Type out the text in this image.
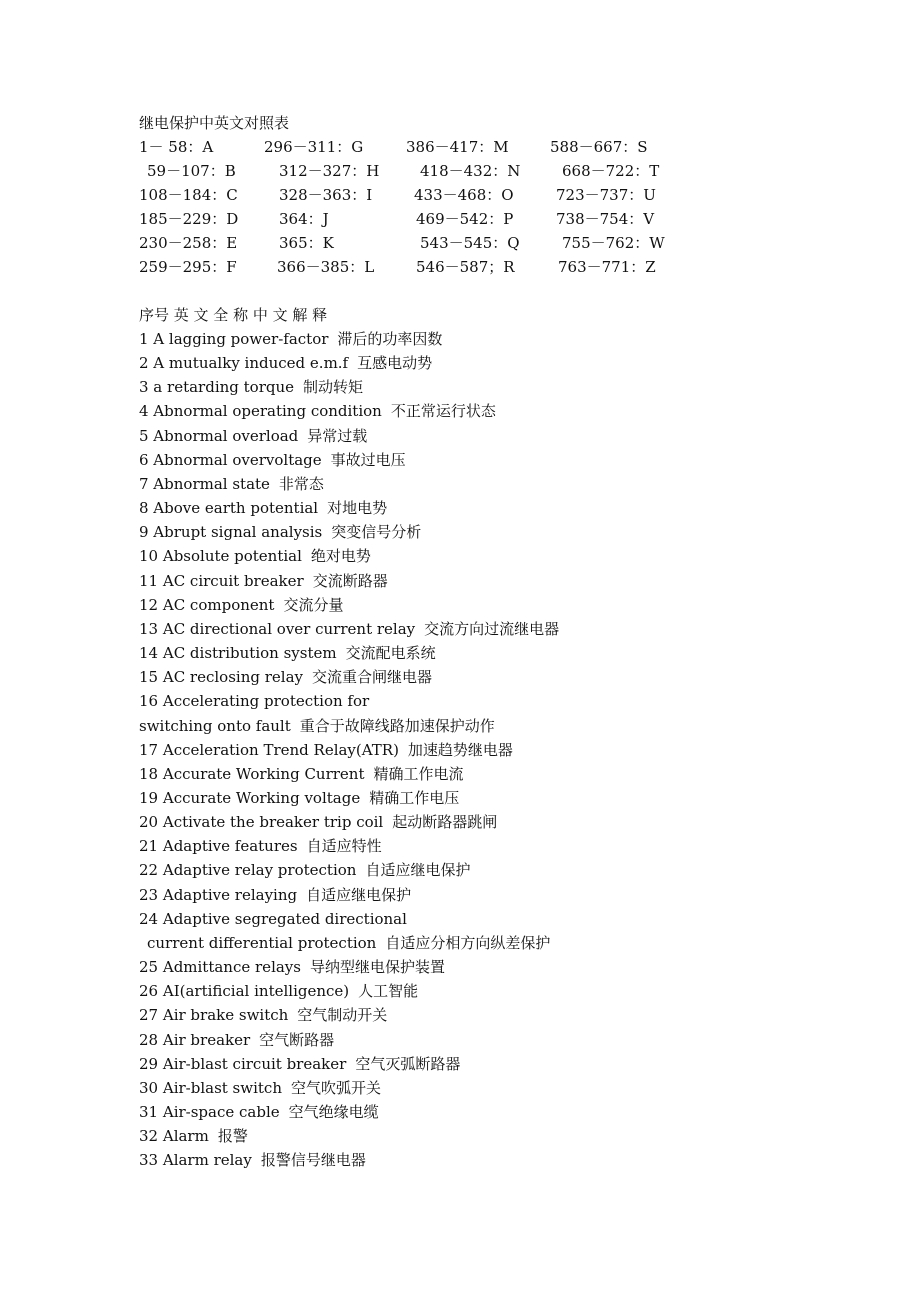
继电保护中英文对照表
1－ 58：A	296－311：G	386－417：M	588－667：S
59－107：B	312－327：H	418－432：N	668－722：T
108－184：C	328－363：I	433－468：O	723－737：U
185－229：D	364：J	469－542：P	738－754：V
230－258：E	365：K	543－545：Q	755－762：W
259－295：F	366－385：L	546－587；R	763－771：Z
序号 英 文 全 称 中 文 解 释
1 A lagging power-factor 滞后的功率因数
2 A mutualky induced e.m.f 互感电动势
3 a retarding torque 制动转矩
4 Abnormal operating condition 不正常运行状态
5 Abnormal overload 异常过载
6 Abnormal overvoltage 事故过电压
7 Abnormal state 非常态
8 Above earth potential 对地电势
9 Abrupt signal analysis 突变信号分析
10 Absolute potential 绝对电势
11 AC circuit breaker 交流断路器
12 AC component 交流分量
13 AC directional over current relay 交流方向过流继电器
14 AC distribution system 交流配电系统
15 AC reclosing relay 交流重合闸继电器
16 Accelerating protection for
switching onto fault 重合于故障线路加速保护动作
17 Acceleration Trend Relay(ATR) 加速趋势继电器
18 Accurate Working Current 精确工作电流
19 Accurate Working voltage 精确工作电压
20 Activate the breaker trip coil 起动断路器跳闸
21 Adaptive features 自适应特性
22 Adaptive relay protection 自适应继电保护
23 Adaptive relaying 自适应继电保护
24 Adaptive segregated directional
current differential protection 自适应分相方向纵差保护
25 Admittance relays 导纳型继电保护装置
26 AI(artificial intelligence) 人工智能
27 Air brake switch 空气制动开关
28 Air breaker 空气断路器
29 Air-blast circuit breaker 空气灭弧断路器
30 Air-blast switch 空气吹弧开关
31 Air-space cable 空气绝缘电缆
32 Alarm 报警
33 Alarm relay 报警信号继电器
